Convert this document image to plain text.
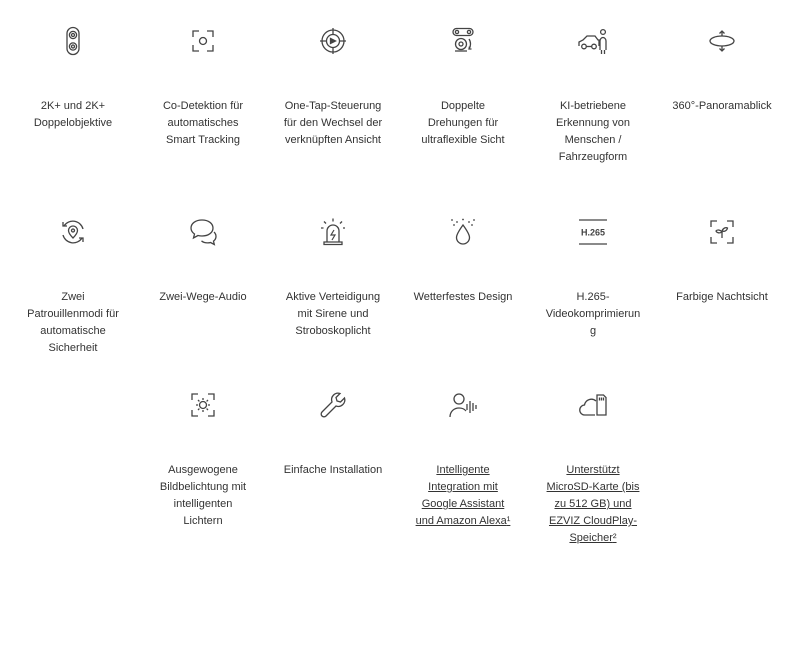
2K+ und 2K+ Doppelobjektive
Co-Detektion für automatisches Smart Tracking
One-Tap-Steuerung für den Wechsel der verknüpften Ansicht
Doppelte Drehungen für ultraflexible Sicht
KI-betriebene Erkennung von Menschen / Fahrzeugform
360°-Panoramablick
Zwei Patrouillenmodi für automatische Sicherheit
Zwei-Wege-Audio	Aktive Verteidigung mit Sirene und Stroboskoplicht
Wetterfestes Design
H.265
H.265-Videokomprimierung
Farbige Nachtsicht
Ausgewogene Bildbelichtung mit intelligenten Lichtern
Einfache Installation	Intelligente Integration mit Google Assistant und Amazon Alexa¹
Unterstützt MicroSD-Karte (bis zu 512 GB) und EZVIZ CloudPlay-Speicher²
